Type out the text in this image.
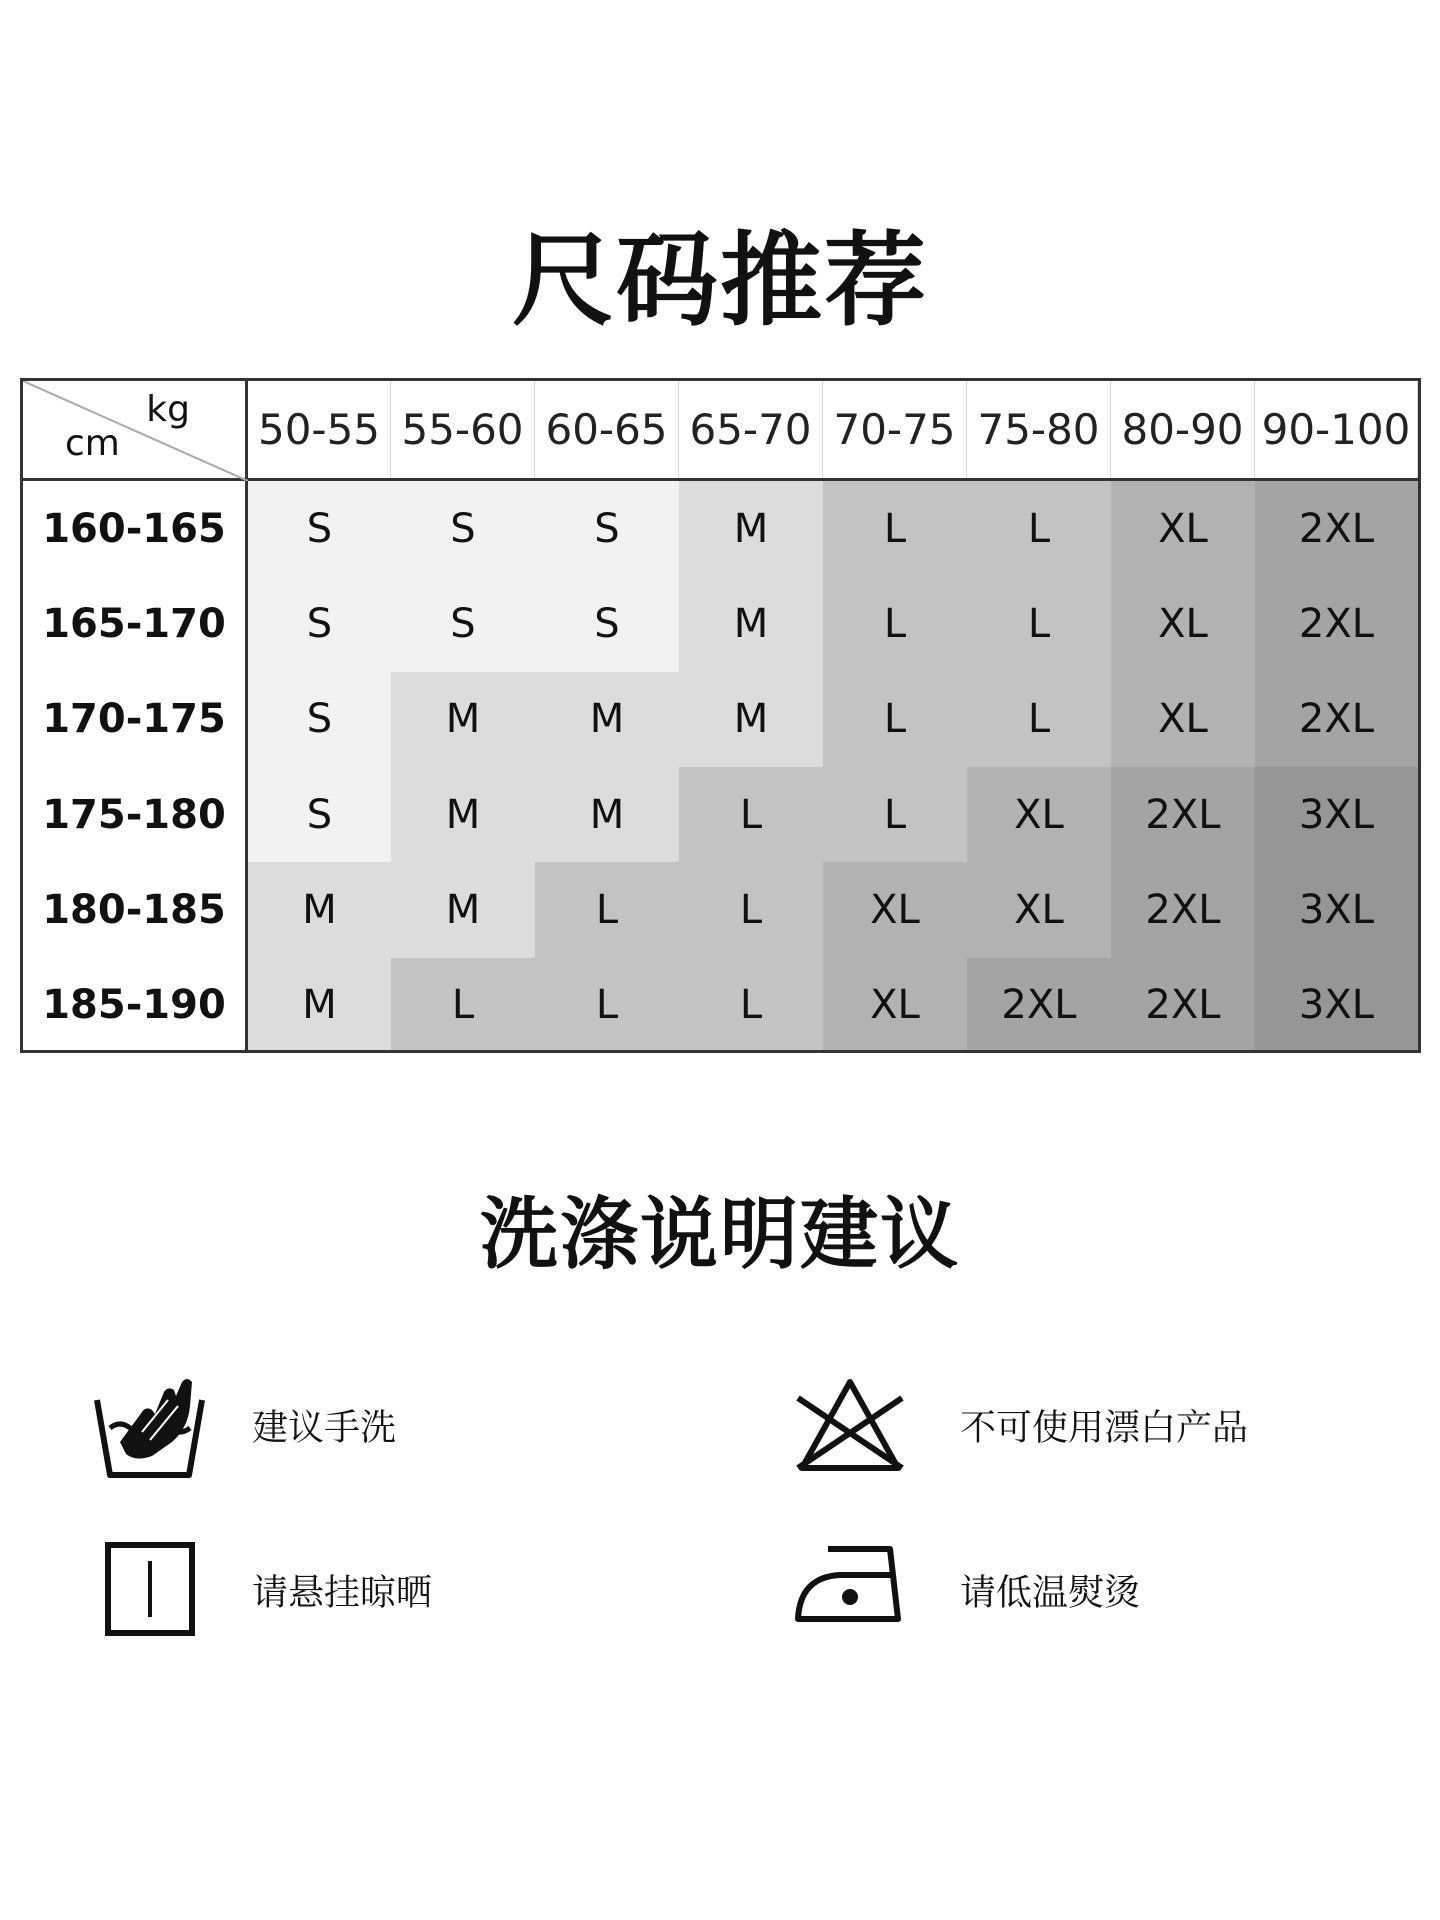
尺码推荐
kg
cm	50-55 55-60 60-65 65-70 70-75 75-80 80-90 90-100
160-165	S	S	S	M	L	L	XL	2XL
165-170	S	S	S	M	L	L	XL	2XL
170-175	S	M	M	M	L	L	XL	2XL
175-180	S	M	M	L	L	XL	2XL	3XL
180-185	M	M	L	L	XL	XL	2XL	3XL
185-190	M	L	L	L	XL	2XL	2XL	3XL
洗涤说明建议
建议手洗	不可使用漂白产品
请悬挂晾晒	请低温熨烫
